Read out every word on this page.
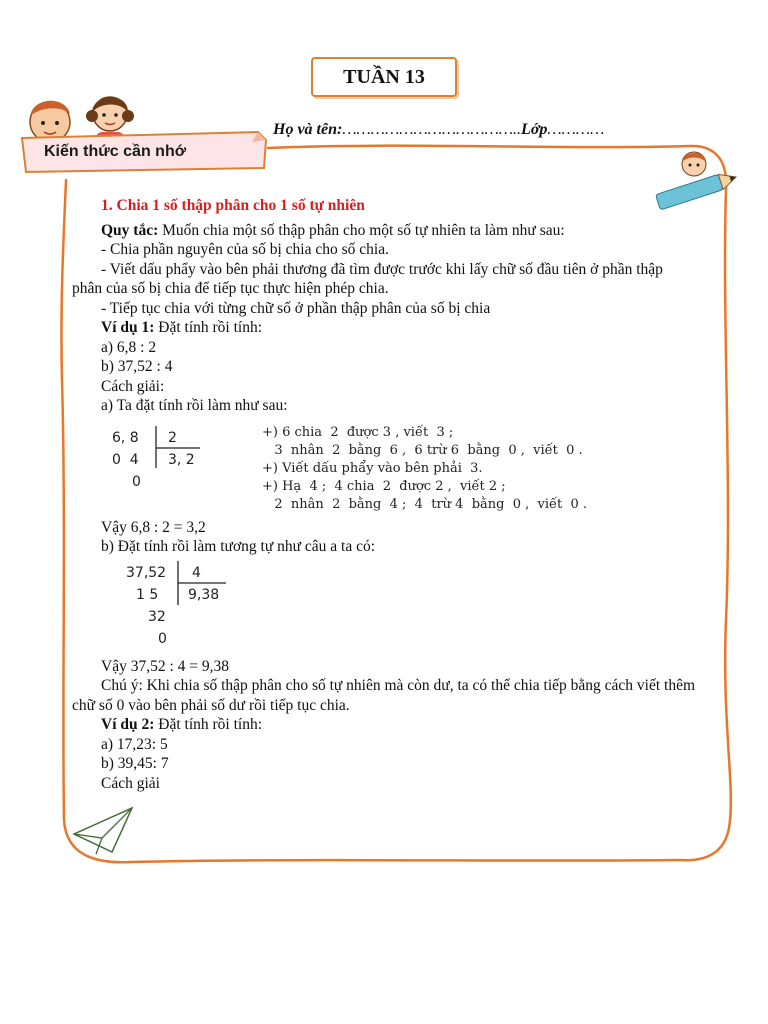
Kiến thức cần nhớ
TUẦN 13
Họ và tên:………………………………..Lớp…………

1. Chia 1 số thập phân cho 1 số tự nhiên

Quy tắc: Muốn chia một số thập phân cho một số tự nhiên ta làm như sau:

- Chia phần nguyên của số bị chia cho số chia.

- Viết dấu phẩy vào bên phải thương đã tìm được trước khi lấy chữ số đầu tiên ở phần thập phân của số bị chia để tiếp tục thực hiện phép chia.

- Tiếp tục chia với từng chữ số ở phần thập phân của số bị chia

Ví dụ 1: Đặt tính rồi tính:

a) 6,8 : 2

b) 37,52 : 4

Cách giải:

a) Ta đặt tính rồi làm như sau:

6, 8 2
0  4 3, 2
0
+) 6 chia  2  được 3 , viết  3 ;
3  nhân  2  bằng  6 ,  6 trừ 6  bằng  0 ,  viết  0 .
+) Viết dấu phẩy vào bên phải  3.
+) Hạ  4 ;  4 chia  2  được 2 ,  viết 2 ;
2  nhân  2  bằng  4 ;  4  trừ 4  bằng  0 ,  viết  0 .

Vậy 6,8 : 2 = 3,2

b) Đặt tính rồi làm tương tự như câu a ta có:

37,52 4
1 5 9,38
32
0

Vậy 37,52 : 4 = 9,38

Chú ý: Khi chia số thập phân cho số tự nhiên mà còn dư, ta có thể chia tiếp bằng cách viết thêm chữ số 0 vào bên phải số dư rồi tiếp tục chia.

Ví dụ 2: Đặt tính rồi tính:

a) 17,23: 5

b) 39,45: 7

Cách giải
